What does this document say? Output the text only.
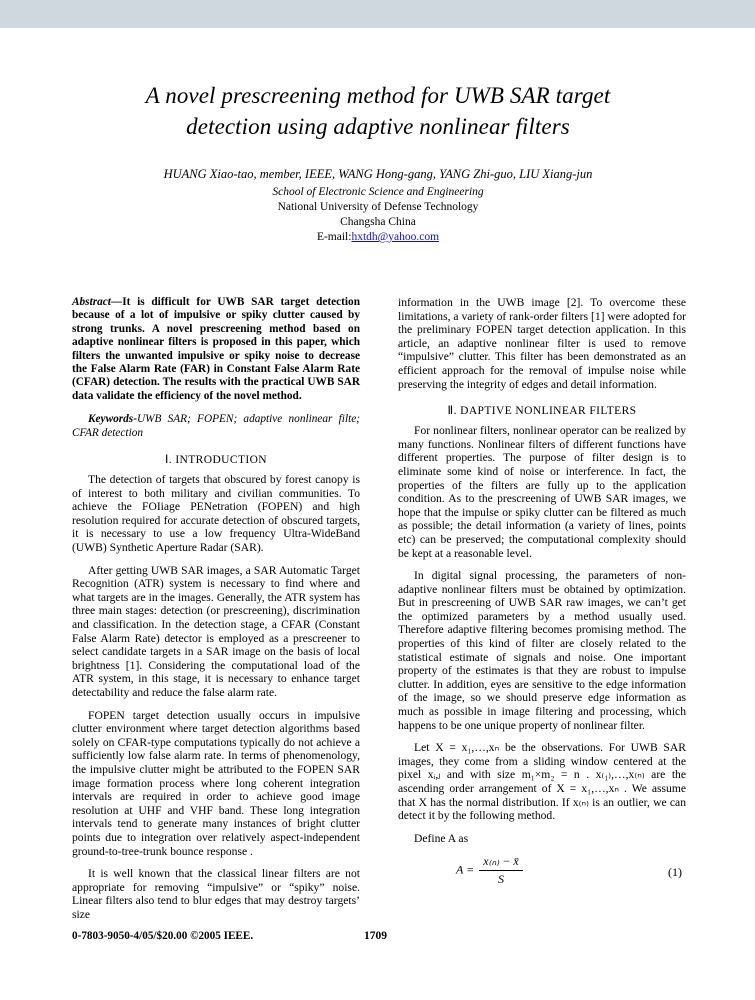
A novel prescreening method for UWB SAR target
detection using adaptive nonlinear filters
HUANG Xiao-tao, member, IEEE, WANG Hong-gang, YANG Zhi-guo, LIU Xiang-jun
School of Electronic Science and Engineering
National University of Defense Technology
Changsha China
E-mail:hxtdh@yahoo.com
Abstract—It is difficult for UWB SAR target detection because of a lot of impulsive or spiky clutter caused by strong trunks. A novel prescreening method based on adaptive nonlinear filters is proposed in this paper, which filters the unwanted impulsive or spiky noise to decrease the False Alarm Rate (FAR) in Constant False Alarm Rate (CFAR) detection. The results with the practical UWB SAR data validate the efficiency of the novel method.
Keywords-UWB SAR; FOPEN; adaptive nonlinear filte; CFAR detection
Ⅰ. INTRODUCTION

The detection of targets that obscured by forest canopy is of interest to both military and civilian communities. To achieve the FOIiage PENetration (FOPEN) and high resolution required for accurate detection of obscured targets, it is necessary to use a low frequency Ultra-WideBand (UWB) Synthetic Aperture Radar (SAR).

After getting UWB SAR images, a SAR Automatic Target Recognition (ATR) system is necessary to find where and what targets are in the images. Generally, the ATR system has three main stages: detection (or prescreening), discrimination and classification. In the detection stage, a CFAR (Constant False Alarm Rate) detector is employed as a prescreener to select candidate targets in a SAR image on the basis of local brightness [1]. Considering the computational load of the ATR system, in this stage, it is necessary to enhance target detectability and reduce the false alarm rate.

FOPEN target detection usually occurs in impulsive clutter environment where target detection algorithms based solely on CFAR-type computations typically do not achieve a sufficiently low false alarm rate. In terms of phenomenology, the impulsive clutter might be attributed to the FOPEN SAR image formation process where long coherent integration intervals are required in order to achieve good image resolution at UHF and VHF band. These long integration intervals tend to generate many instances of bright clutter points due to integration over relatively aspect-independent ground-to-tree-trunk bounce response .

It is well known that the classical linear filters are not appropriate for removing “impulsive” or “spiky” noise. Linear filters also tend to blur edges that may destroy targets’ size

information in the UWB image [2]. To overcome these limitations, a variety of rank-order filters [1] were adopted for the preliminary FOPEN target detection application. In this article, an adaptive nonlinear filter is used to remove “impulsive” clutter. This filter has been demonstrated as an efficient approach for the removal of impulse noise while preserving the integrity of edges and detail information.

Ⅱ. DAPTIVE NONLINEAR FILTERS

For nonlinear filters, nonlinear operator can be realized by many functions. Nonlinear filters of different functions have different properties. The purpose of filter design is to eliminate some kind of noise or interference. In fact, the properties of the filters are fully up to the application condition. As to the prescreening of UWB SAR images, we hope that the impulse or spiky clutter can be filtered as much as possible; the detail information (a variety of lines, points etc) can be preserved; the computational complexity should be kept at a reasonable level.

In digital signal processing, the parameters of non-adaptive nonlinear filters must be obtained by optimization. But in prescreening of UWB SAR raw images, we can’t get the optimized parameters by a method usually used. Therefore adaptive filtering becomes promising method. The properties of this kind of filter are closely related to the statistical estimate of signals and noise. One important property of the estimates is that they are robust to impulse clutter. In addition, eyes are sensitive to the edge information of the image, so we should preserve edge information as much as possible in image filtering and processing, which happens to be one unique property of nonlinear filter.

Let X = x₁,…,xₙ be the observations. For UWB SAR images, they come from a sliding window centered at the pixel xᵢ,ⱼ and with size m₁×m₂ = n . x₍₁₎,…,x₍ₙ₎ are the ascending order arrangement of X = x₁,…,xₙ . We assume that X has the normal distribution. If x₍ₙ₎ is an outlier, we can detect it by the following method.

Define A as

$A = \frac{\text{x₍ₙ₎ − x̄}}{S}$	(1)
0-7803-9050-4/05/$20.00 ©2005 IEEE.	1709
